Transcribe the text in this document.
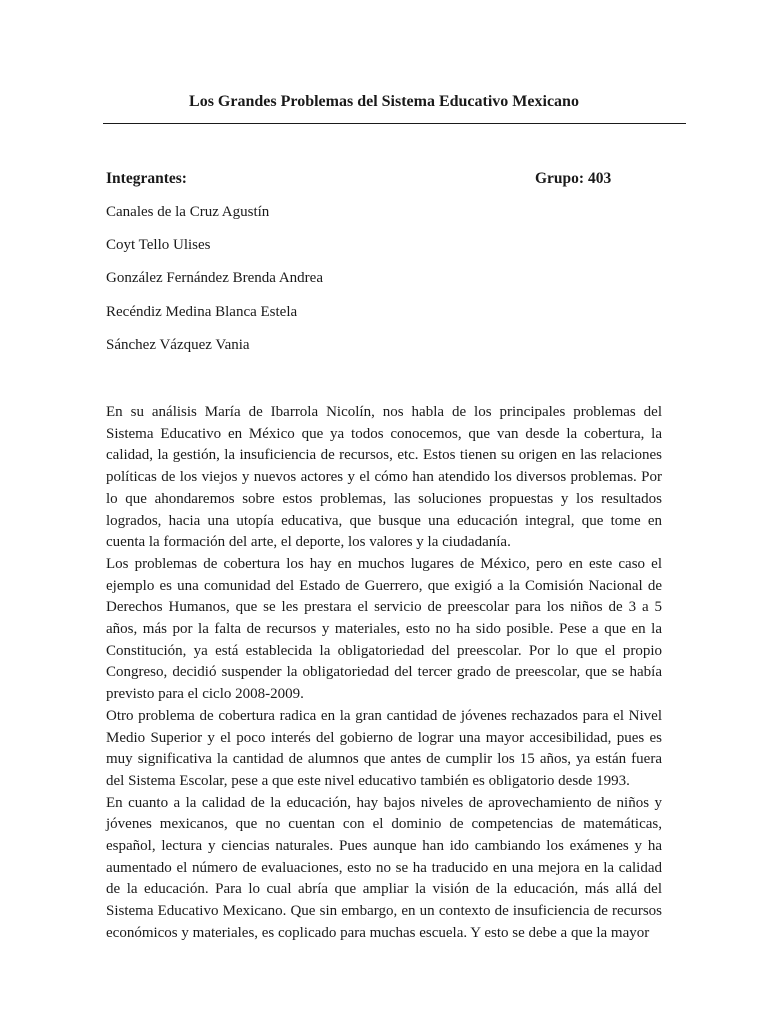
Los Grandes Problemas del Sistema Educativo Mexicano
Integrantes:	Grupo: 403
Canales de la Cruz Agustín
Coyt Tello Ulises
González Fernández Brenda Andrea
Recéndiz Medina Blanca Estela
Sánchez Vázquez Vania
En su análisis María de Ibarrola Nicolín, nos habla de los principales problemas del
Sistema Educativo en México que ya todos conocemos, que van desde la cobertura, la
calidad, la gestión, la insuficiencia de recursos, etc. Estos tienen su origen en las relaciones
políticas de los viejos y nuevos actores y el cómo han atendido los diversos problemas. Por
lo que ahondaremos sobre estos problemas, las soluciones propuestas y los resultados
logrados, hacia una utopía educativa, que busque una educación integral, que tome en
cuenta la formación del arte, el deporte, los valores y la ciudadanía.
Los problemas de cobertura los hay en muchos lugares de México, pero en este caso el
ejemplo es una comunidad del Estado de Guerrero, que exigió a la Comisión Nacional de
Derechos Humanos, que se les prestara el servicio de preescolar para los niños de 3 a 5
años, más por la falta de recursos y materiales, esto no ha sido posible. Pese a que en la
Constitución, ya está establecida la obligatoriedad del preescolar. Por lo que el propio
Congreso, decidió suspender la obligatoriedad del tercer grado de preescolar, que se había
previsto para el ciclo 2008-2009.
Otro problema de cobertura radica en la gran cantidad de jóvenes rechazados para el Nivel
Medio Superior y el poco interés del gobierno de lograr una mayor accesibilidad, pues es
muy significativa la cantidad de alumnos que antes de cumplir los 15 años, ya están fuera
del Sistema Escolar, pese a que este nivel educativo también es obligatorio desde 1993.
En cuanto a la calidad de la educación, hay bajos niveles de aprovechamiento de niños y
jóvenes mexicanos, que no cuentan con el dominio de competencias de matemáticas,
español, lectura y ciencias naturales. Pues aunque han ido cambiando los exámenes y ha
aumentado el número de evaluaciones, esto no se ha traducido en una mejora en la calidad
de la educación. Para lo cual abría que ampliar la visión de la educación, más allá del
Sistema Educativo Mexicano. Que sin embargo, en un contexto de insuficiencia de recursos
económicos y materiales, es coplicado para muchas escuela. Y esto se debe a que la mayor
